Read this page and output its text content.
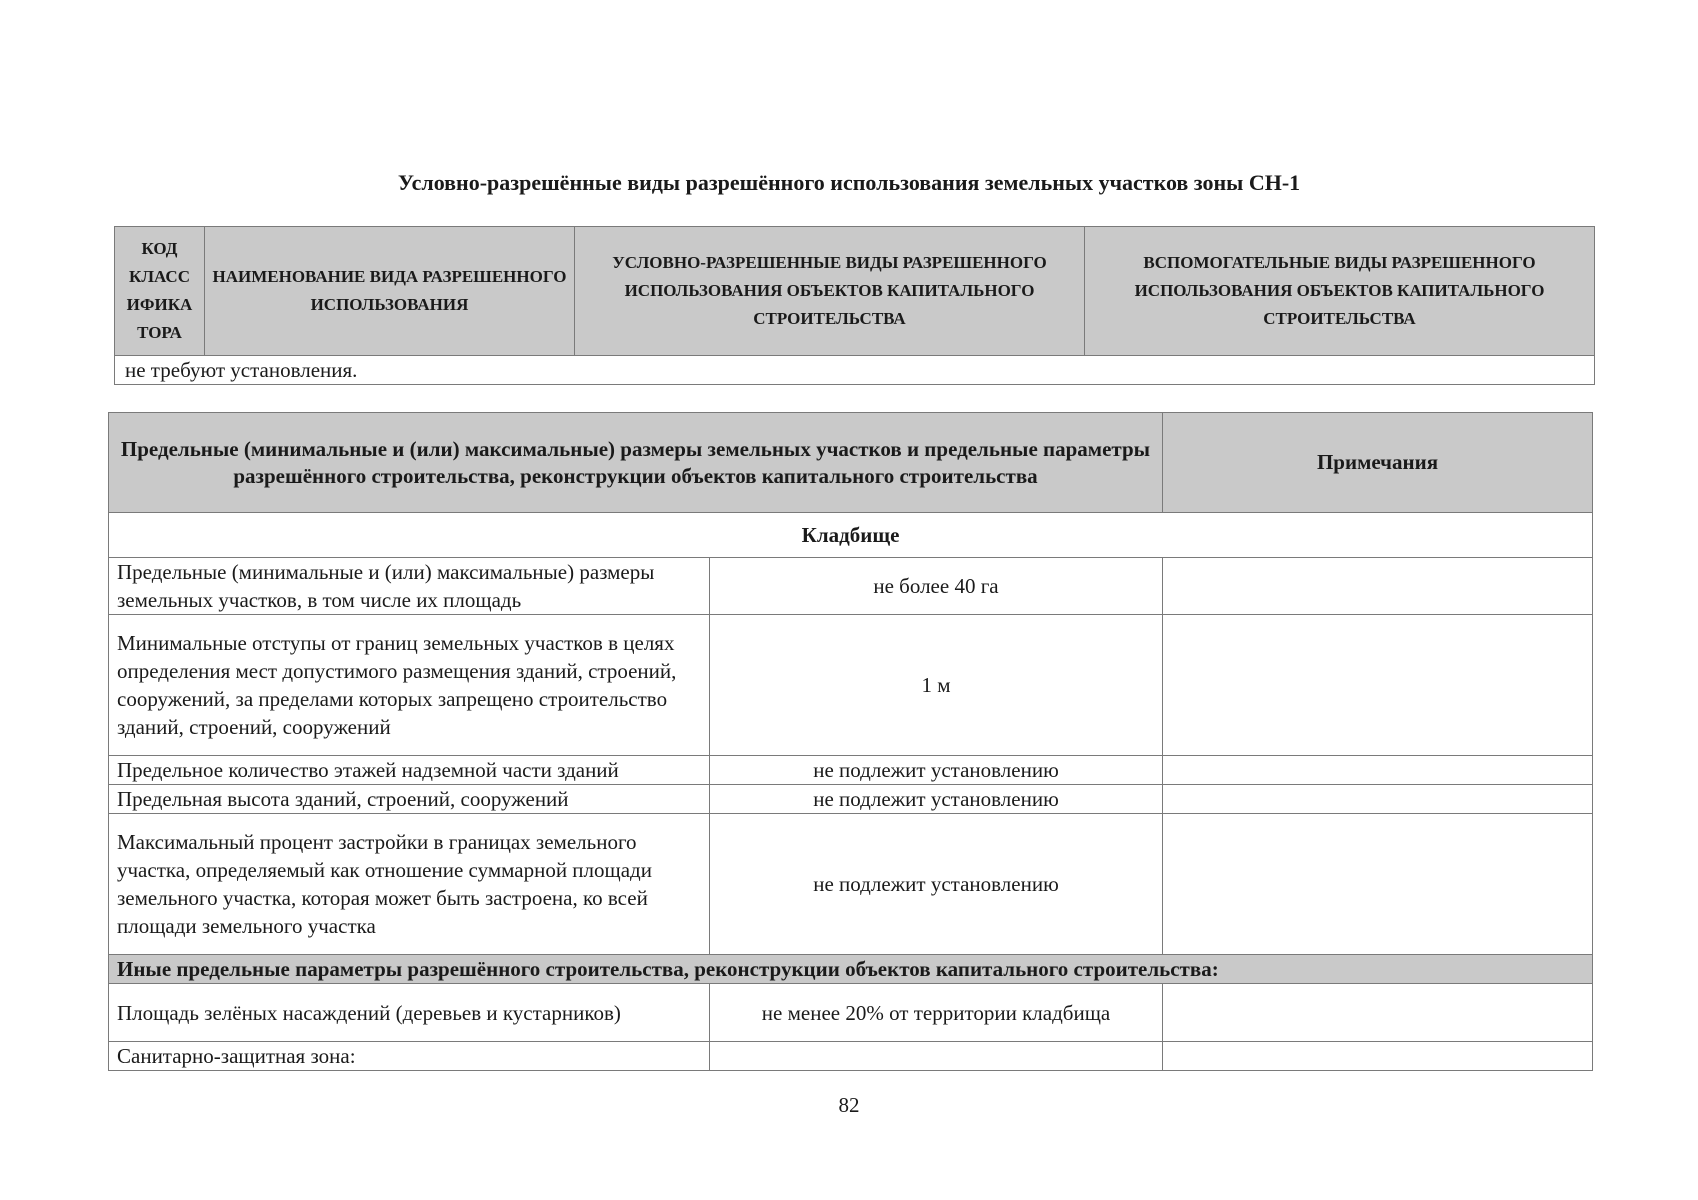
Условно-разрешённые виды разрешённого использования земельных участков зоны СН-1
КОД КЛАСС ИФИКА ТОРА	НАИМЕНОВАНИЕ ВИДА РАЗРЕШЕННОГО ИСПОЛЬЗОВАНИЯ	УСЛОВНО-РАЗРЕШЕННЫЕ ВИДЫ РАЗРЕШЕННОГО ИСПОЛЬЗОВАНИЯ ОБЪЕКТОВ КАПИТАЛЬНОГО СТРОИТЕЛЬСТВА	ВСПОМОГАТЕЛЬНЫЕ ВИДЫ РАЗРЕШЕННОГО ИСПОЛЬЗОВАНИЯ ОБЪЕКТОВ КАПИТАЛЬНОГО СТРОИТЕЛЬСТВА
не требуют установления.
Предельные (минимальные и (или) максимальные) размеры земельных участков и предельные параметры разрешённого строительства, реконструкции объектов капитального строительства		Примечания
Кладбище		
Предельные (минимальные и (или) максимальные) размеры земельных участков, в том числе их площадь	не более 40 га	
Минимальные отступы от границ земельных участков в целях определения мест допустимого размещения зданий, строений, сооружений, за пределами которых запрещено строительство зданий, строений, сооружений	1 м	
Предельное количество этажей надземной части зданий	не подлежит установлению	
Предельная высота зданий, строений, сооружений	не подлежит установлению	
Максимальный процент застройки в границах земельного участка, определяемый как отношение суммарной площади земельного участка, которая может быть застроена, ко всей площади земельного участка	не подлежит установлению	
Иные предельные параметры разрешённого строительства, реконструкции объектов капитального строительства:		
Площадь зелёных насаждений (деревьев и кустарников)	не менее 20% от территории кладбища	
Санитарно-защитная зона:		
82
